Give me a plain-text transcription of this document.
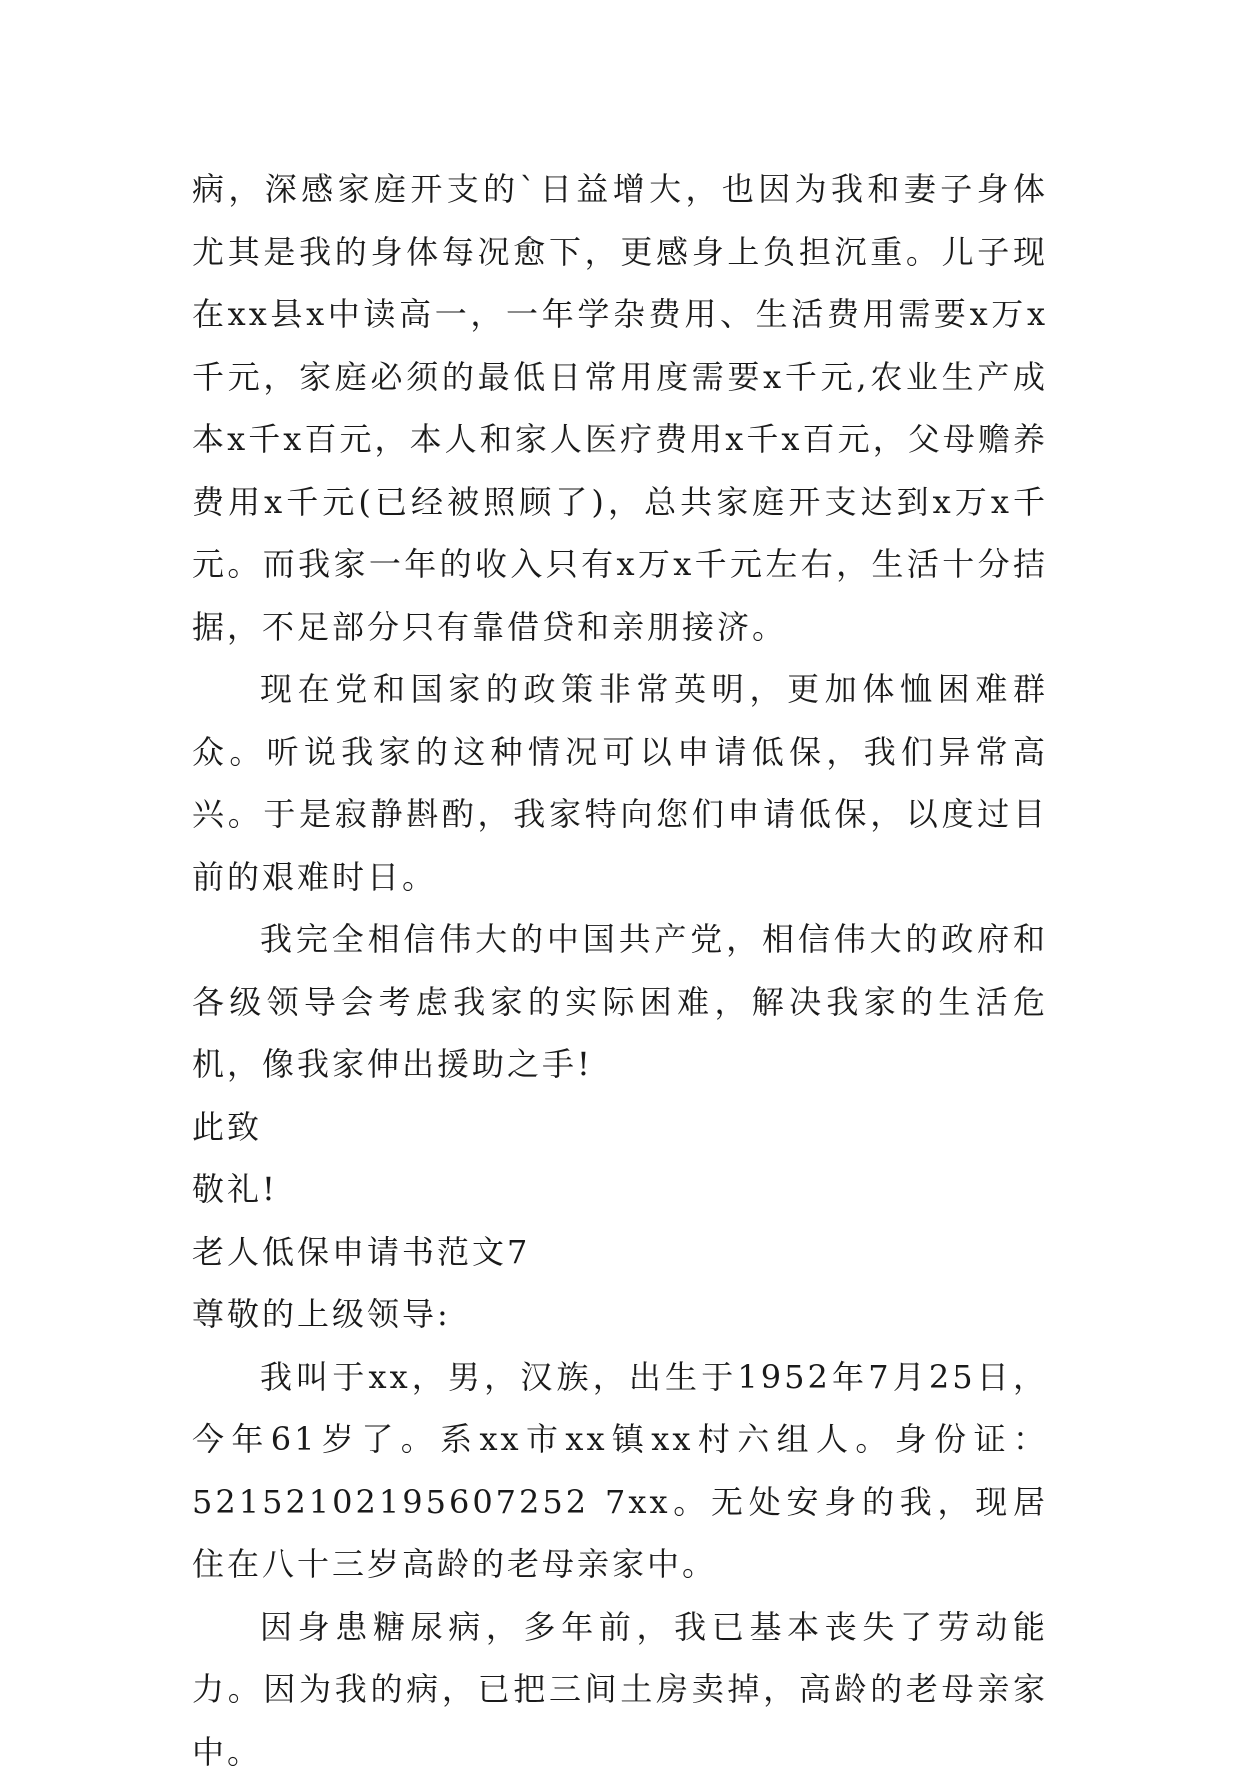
病，深感家庭开支的`日益增大，也因为我和妻子身体尤其是我的身体每况愈下，更感身上负担沉重。儿子现在xx县x中读高一，一年学杂费用、生活费用需要x万x千元，家庭必须的最低日常用度需要x千元,农业生产成本x千x百元，本人和家人医疗费用x千x百元，父母赡养费用x千元(已经被照顾了)，总共家庭开支达到x万x千元。而我家一年的收入只有x万x千元左右，生活十分拮据，不足部分只有靠借贷和亲朋接济。

现在党和国家的政策非常英明，更加体恤困难群众。听说我家的这种情况可以申请低保，我们异常高兴。于是寂静斟酌，我家特向您们申请低保，以度过目前的艰难时日。

我完全相信伟大的中国共产党，相信伟大的政府和各级领导会考虑我家的实际困难，解决我家的生活危机，像我家伸出援助之手!

此致

敬礼!

老人低保申请书范文7

尊敬的上级领导:

我叫于xx，男，汉族，出生于1952年7月25日，今年61岁了。系xx市xx镇xx村六组人。身份证：52152102195607252 7xx。无处安身的我，现居住在八十三岁高龄的老母亲家中。

因身患糖尿病，多年前，我已基本丧失了劳动能力。因为我的病，已把三间土房卖掉，高龄的老母亲家中。
